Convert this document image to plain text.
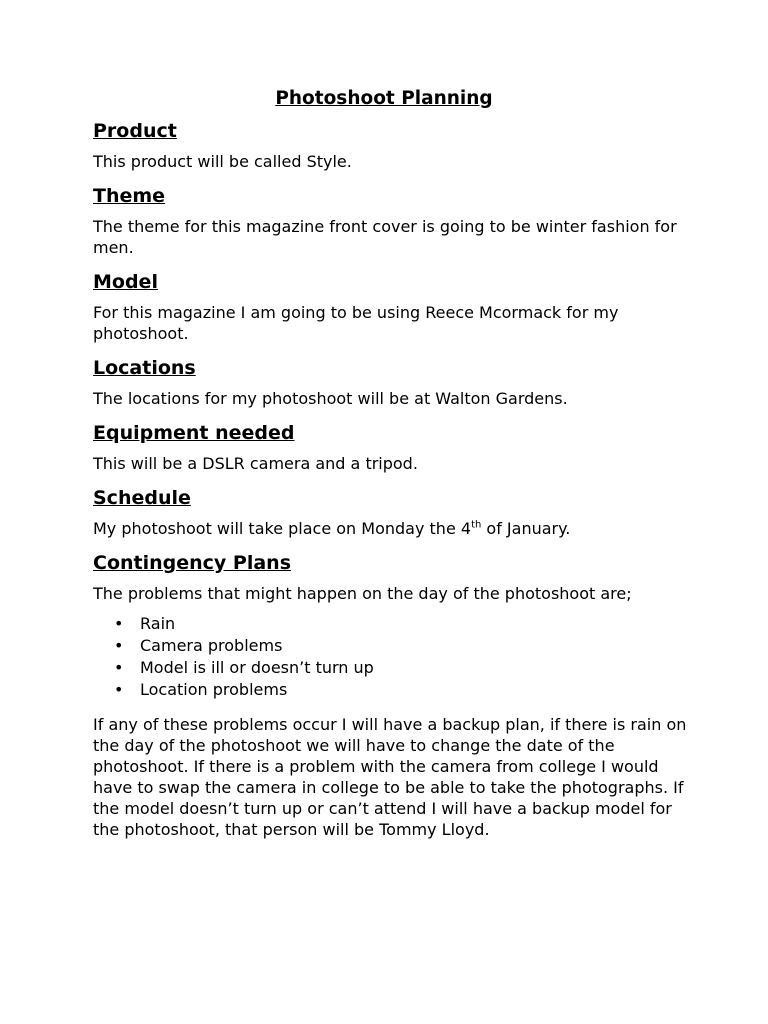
Photoshoot Planning
Product
This product will be called Style.
Theme
The theme for this magazine front cover is going to be winter fashion for men.
Model
For this magazine I am going to be using Reece Mcormack for my photoshoot.
Locations
The locations for my photoshoot will be at Walton Gardens.
Equipment needed
This will be a DSLR camera and a tripod.
Schedule
My photoshoot will take place on Monday the 4th of January.
Contingency Plans
The problems that might happen on the day of the photoshoot are;
• Rain
• Camera problems
• Model is ill or doesn’t turn up
• Location problems
If any of these problems occur I will have a backup plan, if there is rain on the day of the photoshoot we will have to change the date of the photoshoot. If there is a problem with the camera from college I would have to swap the camera in college to be able to take the photographs. If the model doesn’t turn up or can’t attend I will have a backup model for the photoshoot, that person will be Tommy Lloyd.
